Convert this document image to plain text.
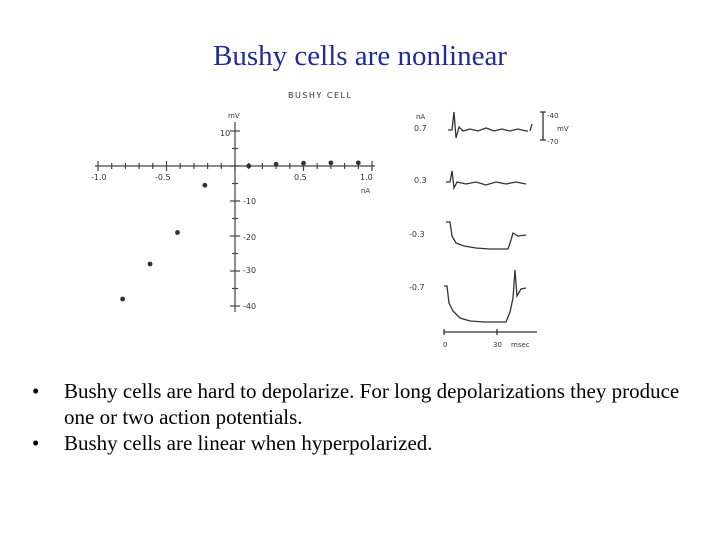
Bushy cells are nonlinear
BUSHY CELL
mV
nA
-1.0	-0.5	0.5	1.0
10
-10
-20
-30
-40
nA
0.7
0.3
-0.3
-0.7
-40
mV
-70
0	30 msec
• Bushy cells are hard to depolarize. For long depolarizations they produce one or two action potentials.
• Bushy cells are linear when hyperpolarized.
